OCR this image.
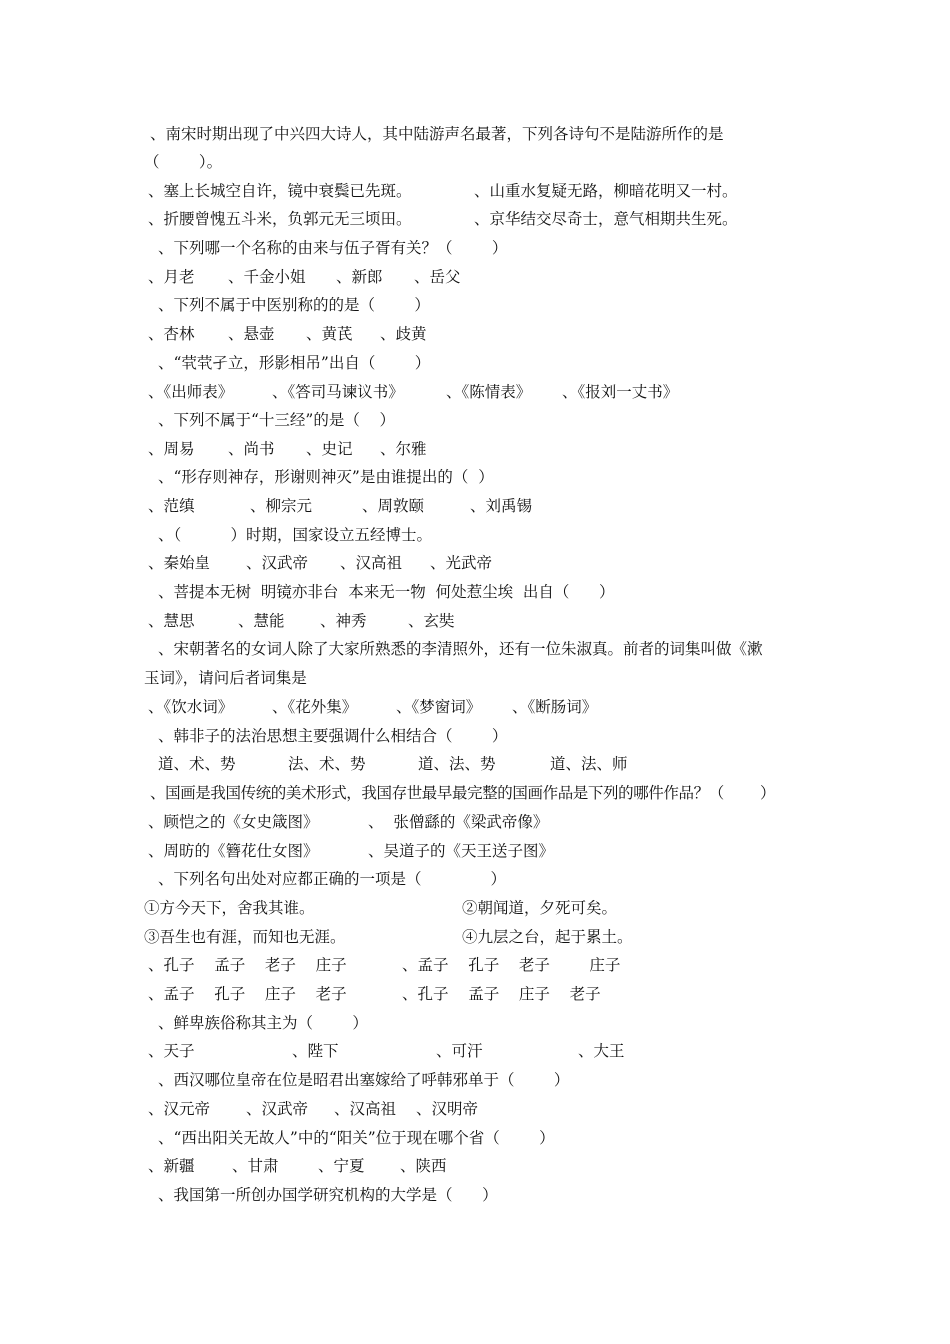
、南宋时期出现了中兴四大诗人，其中陆游声名最著，下列各诗句不是陆游所作的是
（        ）。
、塞上长城空自许，镜中衰鬓已先斑。	、山重水复疑无路，柳暗花明又一村。
、折腰曾愧五斗米，负郭元无三顷田。	、京华结交尽奇士，意气相期共生死。
、下列哪一个名称的由来与伍子胥有关？（        ）
、月老 、千金小姐 、新郎 、岳父
、下列不属于中医别称的的是（        ）
、杏林 、悬壶 、黄芪 、歧黄
、“茕茕孑立，形影相吊”出自（        ）
、《出师表》 、《答司马谏议书》	、《陈情表》 、《报刘一丈书》
、下列不属于“十三经”的是（    ）
、周易 、尚书 、史记 、尔雅
、“形存则神存，形谢则神灭”是由谁提出的（  ）
、范缜	、柳宗元	、周敦颐	、刘禹锡
、（          ）时期，国家设立五经博士。
、秦始皇 、汉武帝 、汉高祖 、光武帝
、菩提本无树  明镜亦非台  本来无一物  何处惹尘埃  出自（      ）
、慧思	、慧能 、神秀	、玄奘
、宋朝著名的女词人除了大家所熟悉的李清照外，还有一位朱淑真。前者的词集叫做《漱
玉词》，请问后者词集是
、《饮水词》 、《花外集》 、《梦窗词》 、《断肠词》
、韩非子的法治思想主要强调什么相结合（        ）
道、术、势	法、术、势	道、法、势	道、法、师
、国画是我国传统的美术形式，我国存世最早最完整的国画作品是下列的哪件作品？（        ）
、顾恺之的《女史箴图》	、  张僧繇的《梁武帝像》
、周昉的《簪花仕女图》	、吴道子的《天王送子图》
、下列名句出处对应都正确的一项是（              ）
①方今天下，舍我其谁。	②朝闻道，夕死可矣。
③吾生也有涯，而知也无涯。	④九层之台，起于累土。
、孔子    孟子    老子    庄子	、孟子    孔子    老子        庄子
、孟子    孔子    庄子    老子	、孔子    孟子    庄子    老子
、鲜卑族俗称其主为（        ）
、天子	、陛下	、可汗	、大王
、西汉哪位皇帝在位是昭君出塞嫁给了呼韩邪单于（        ）
、汉元帝 、汉武帝 、汉高祖 、汉明帝
、“西出阳关无故人”中的“阳关”位于现在哪个省（        ）
、新疆 、甘肃	、宁夏 、陕西
、我国第一所创办国学研究机构的大学是（      ）
